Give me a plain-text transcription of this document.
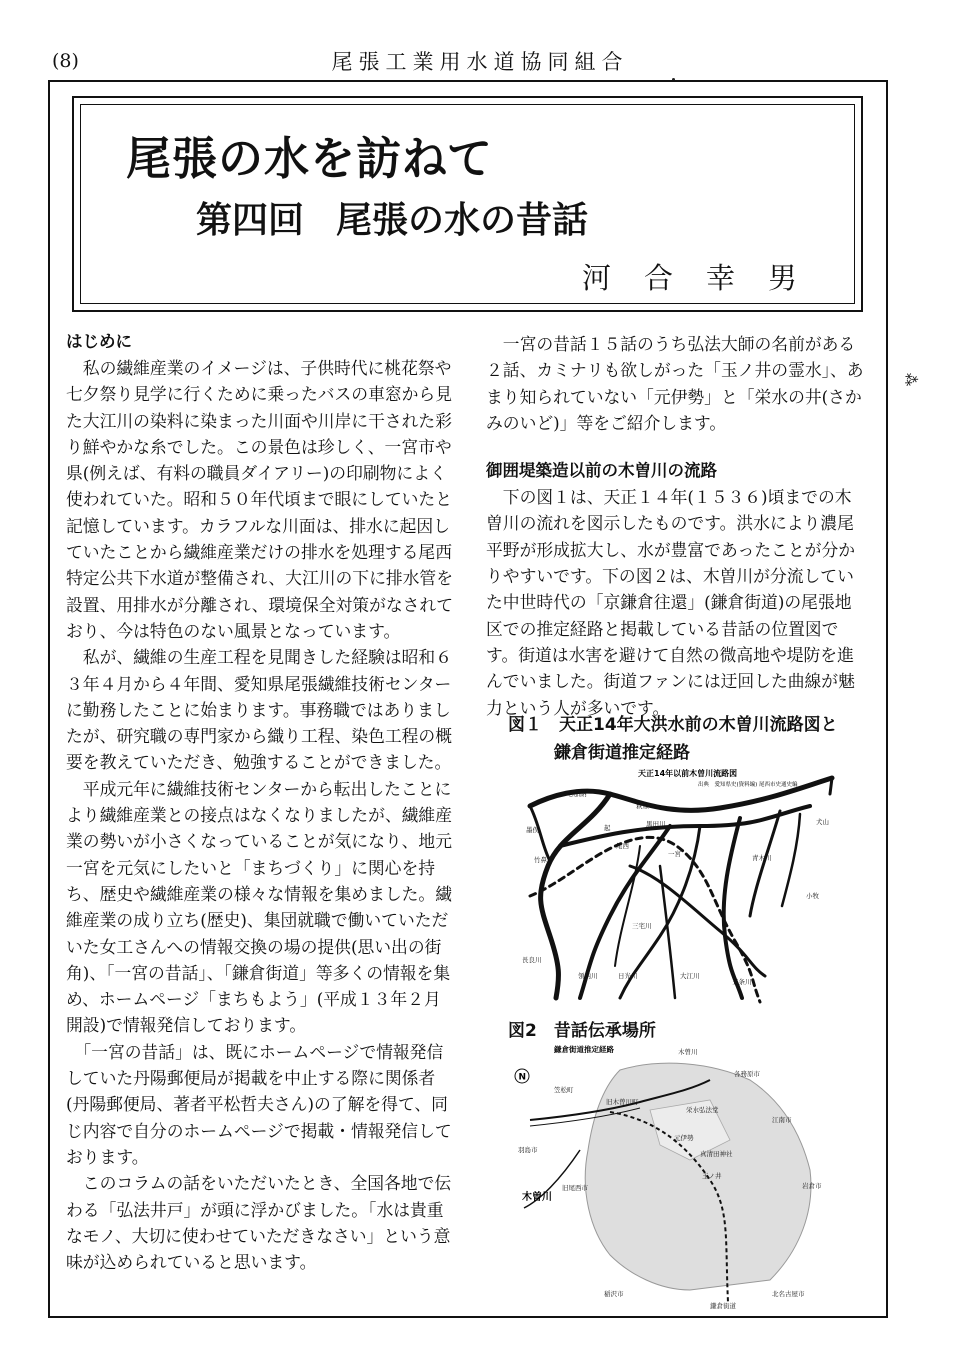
(8)	尾張工業用水道協同組合
尾張の水を訪ねて
第四回 尾張の水の昔話
河合幸男
はじめに

　私の繊維産業のイメージは、子供時代に桃花祭や七夕祭り見学に行くために乗ったバスの車窓から見た大江川の染料に染まった川面や川岸に干された彩り鮮やかな糸でした。この景色は珍しく、一宮市や県(例えば、有料の職員ダイアリー)の印刷物によく使われていた。昭和５０年代頃まで眼にしていたと記憶しています。カラフルな川面は、排水に起因していたことから繊維産業だけの排水を処理する尾西特定公共下水道が整備され、大江川の下に排水管を設置、用排水が分離され、環境保全対策がなされており、今は特色のない風景となっています。

　私が、繊維の生産工程を見聞きした経験は昭和６３年４月から４年間、愛知県尾張繊維技術センターに勤務したことに始まります。事務職ではありましたが、研究職の専門家から織り工程、染色工程の概要を教えていただき、勉強することができました。

　平成元年に繊維技術センターから転出したことにより繊維産業との接点はなくなりましたが、繊維産業の勢いが小さくなっていることが気になり、地元一宮を元気にしたいと「まちづくり」に関心を持ち、歴史や繊維産業の様々な情報を集めました。繊維産業の成り立ち(歴史)、集団就職で働いていただいた女工さんへの情報交換の場の提供(思い出の街角)、「一宮の昔話」、「鎌倉街道」等多くの情報を集め、ホームページ「まちもよう」(平成１３年２月開設)で情報発信しております。

　「一宮の昔話」は、既にホームページで情報発信していた丹陽郵便局が掲載を中止する際に関係者(丹陽郵便局、著者平松哲夫さん)の了解を得て、同じ内容で自分のホームページで掲載・情報発信しております。

　このコラムの話をいただいたとき、全国各地で伝わる「弘法井戸」が頭に浮かびました。「水は貴重なモノ、大切に使わせていただきなさい」という意味が込められていると思います。

　一宮の昔話１５話のうち弘法大師の名前がある２話、カミナリも欲しがった「玉ノ井の霊水」、あまり知られていない「元伊勢」と「栄水の井(さかみのいど)」等をご紹介します。

御囲堤築造以前の木曽川の流路

　下の図１は、天正１４年(１５３６)頃までの木曽川の流れを図示したものです。洪水により濃尾平野が形成拡大し、水が豊富であったことが分かりやすいです。下の図２は、木曽川が分流していた中世時代の「京鎌倉往還」(鎌倉街道)の尾張地区での推定経路と掲載している昔話の位置図です。街道は水害を避けて自然の微高地や堤防を進んでいました。街道ファンには迂回した曲線が魅力という人が多いです。

図１　天正14年大洪水前の木曽川流路図と
鎌倉街道推定経路
天正14年以前木曽川流路図
出典　愛知県史(資料編) 尾西市史通史編
○加納
墨俣
竹鼻
萩原
黒田川
起
尾西
一宮
三宅川
日光川
領内川	大江川
五条川
青木川
小牧
犬山
長良川
図2　昔話伝承場所
鎌倉街道推定経路
N
木曽川
各務原市
笠松町
旧木曽川町
栄水弘法堂
江南市
羽島市
元伊勢
真清田神社
岩倉市
旧尾西市
玉ノ井
稲沢市	北名古屋市
鎌倉街道
木曽川
⁂
